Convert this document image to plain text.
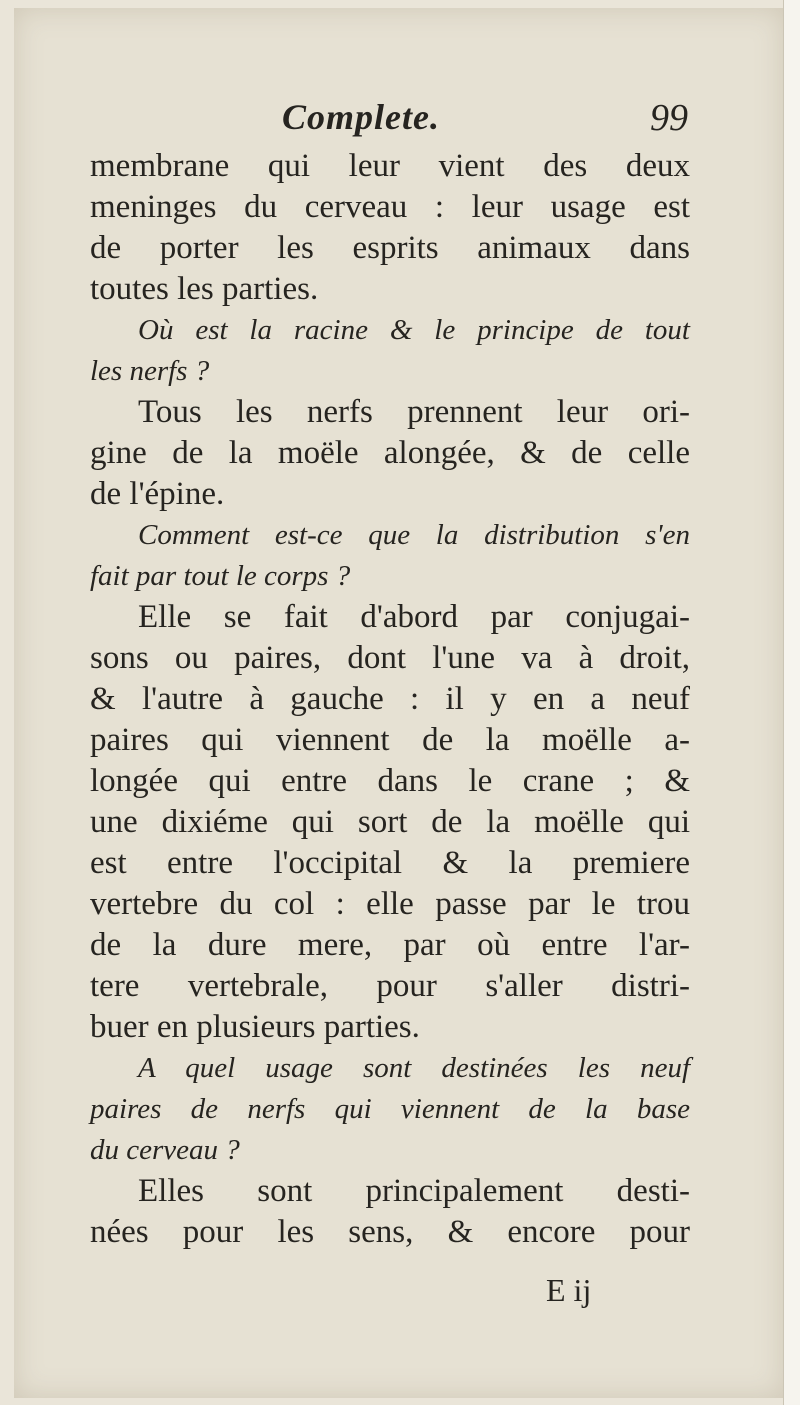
Complete.	99
membrane qui leur vient des deux
meninges du cerveau : leur usage est
de porter les esprits animaux dans
toutes les parties.
Où est la racine & le principe de tout
les nerfs ?
Tous les nerfs prennent leur ori-
gine de la moële alongée, & de celle
de l'épine.
Comment est-ce que la distribution s'en
fait par tout le corps ?
Elle se fait d'abord par conjugai-
sons ou paires, dont l'une va à droit,
& l'autre à gauche : il y en a neuf
paires qui viennent de la moëlle a-
longée qui entre dans le crane ; &
une dixiéme qui sort de la moëlle qui
est entre l'occipital & la premiere
vertebre du col : elle passe par le trou
de la dure mere, par où entre l'ar-
tere vertebrale, pour s'aller distri-
buer en plusieurs parties.
A quel usage sont destinées les neuf
paires de nerfs qui viennent de la base
du cerveau ?
Elles sont principalement desti-
nées pour les sens, & encore pour
E ij
